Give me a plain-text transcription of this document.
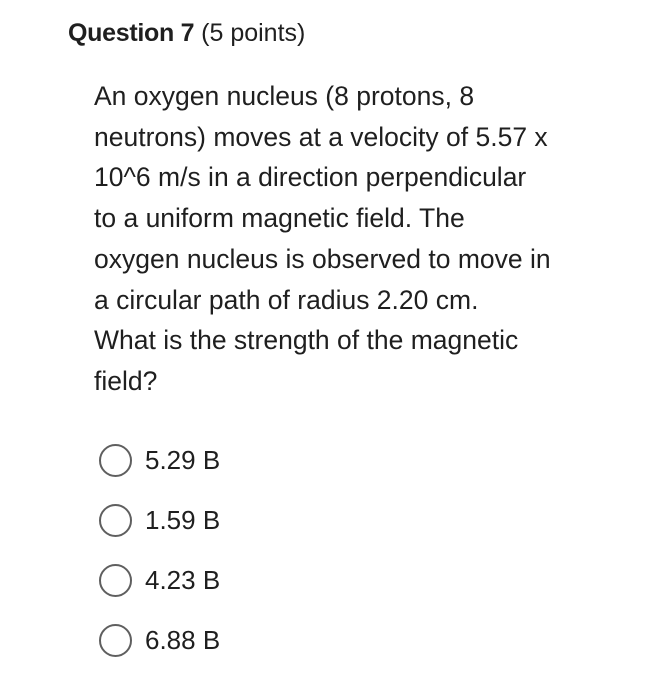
Question 7 (5 points)

An oxygen nucleus (8 protons, 8
neutrons) moves at a velocity of 5.57 x
10^6 m/s in a direction perpendicular
to a uniform magnetic field. The
oxygen nucleus is observed to move in
a circular path of radius 2.20 cm.
What is the strength of the magnetic
field?

5.29 B
1.59 B
4.23 B
6.88 B
